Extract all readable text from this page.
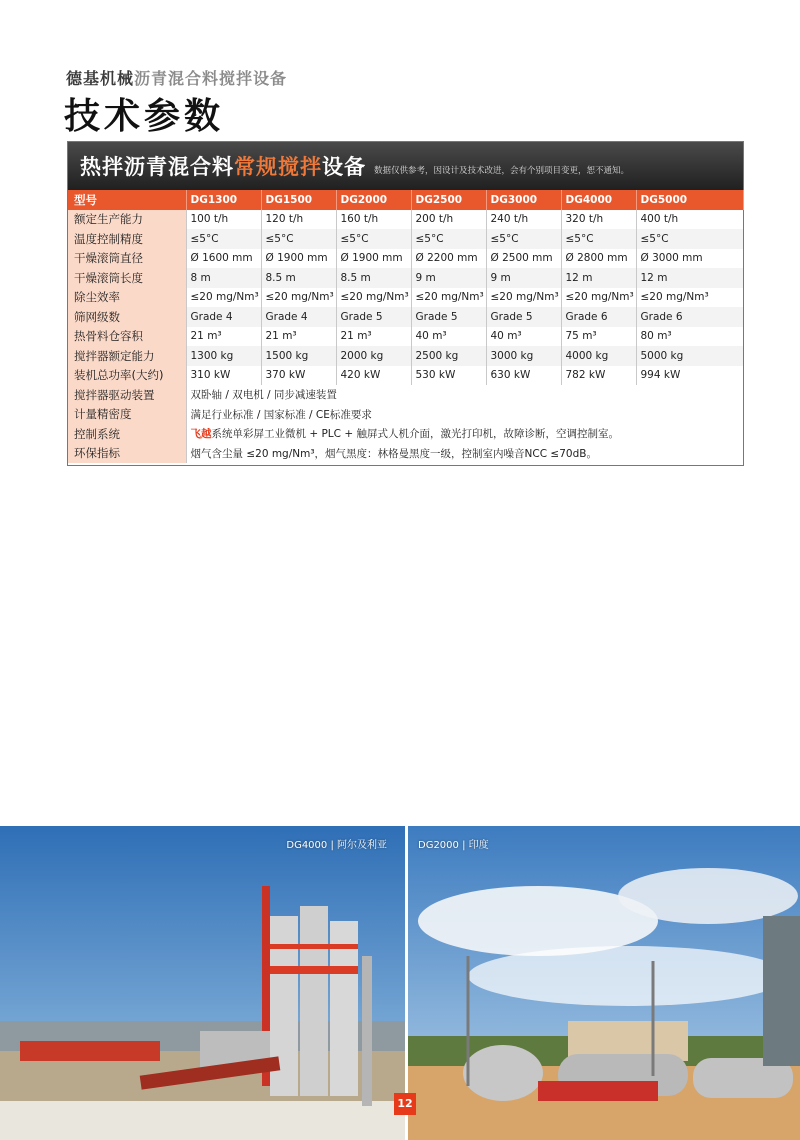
德基机械沥青混合料搅拌设备
技术参数
热拌沥青混合料常规搅拌设备 数据仅供参考，因设计及技术改进，会有个别项目变更，恕不通知。
型号	DG1300	DG1500	DG2000	DG2500	DG3000	DG4000	DG5000
额定生产能力	100 t/h	120 t/h	160 t/h	200 t/h	240 t/h	320 t/h	400 t/h
温度控制精度	≤5°C	≤5°C	≤5°C	≤5°C	≤5°C	≤5°C	≤5°C
干燥滚筒直径	Ø 1600 mm	Ø 1900 mm	Ø 1900 mm	Ø 2200 mm	Ø 2500 mm	Ø 2800 mm	Ø 3000 mm
干燥滚筒长度	8 m	8.5 m	8.5 m	9 m	9 m	12 m	12 m
除尘效率	≤20 mg/Nm³	≤20 mg/Nm³	≤20 mg/Nm³	≤20 mg/Nm³	≤20 mg/Nm³	≤20 mg/Nm³	≤20 mg/Nm³
筛网级数	Grade 4	Grade 4	Grade 5	Grade 5	Grade 5	Grade 6	Grade 6
热骨料仓容积	21 m³	21 m³	21 m³	40 m³	40 m³	75 m³	80 m³
搅拌器额定能力	1300 kg	1500 kg	2000 kg	2500 kg	3000 kg	4000 kg	5000 kg
装机总功率(大约)	310 kW	370 kW	420 kW	530 kW	630 kW	782 kW	994 kW
搅拌器驱动装置	双卧轴 / 双电机 / 同步减速装置						
计量精密度	满足行业标准 / 国家标准 / CE标准要求						
控制系统	飞越系统单彩屏工业微机 + PLC + 触屏式人机介面，激光打印机，故障诊断，空调控制室。						
环保指标	烟气含尘量 ≤20 mg/Nm³，烟气黑度：林格曼黑度一级，控制室内噪音NCC ≤70dB。						
DG4000 | 阿尔及利亚	DG2000 | 印度
12
